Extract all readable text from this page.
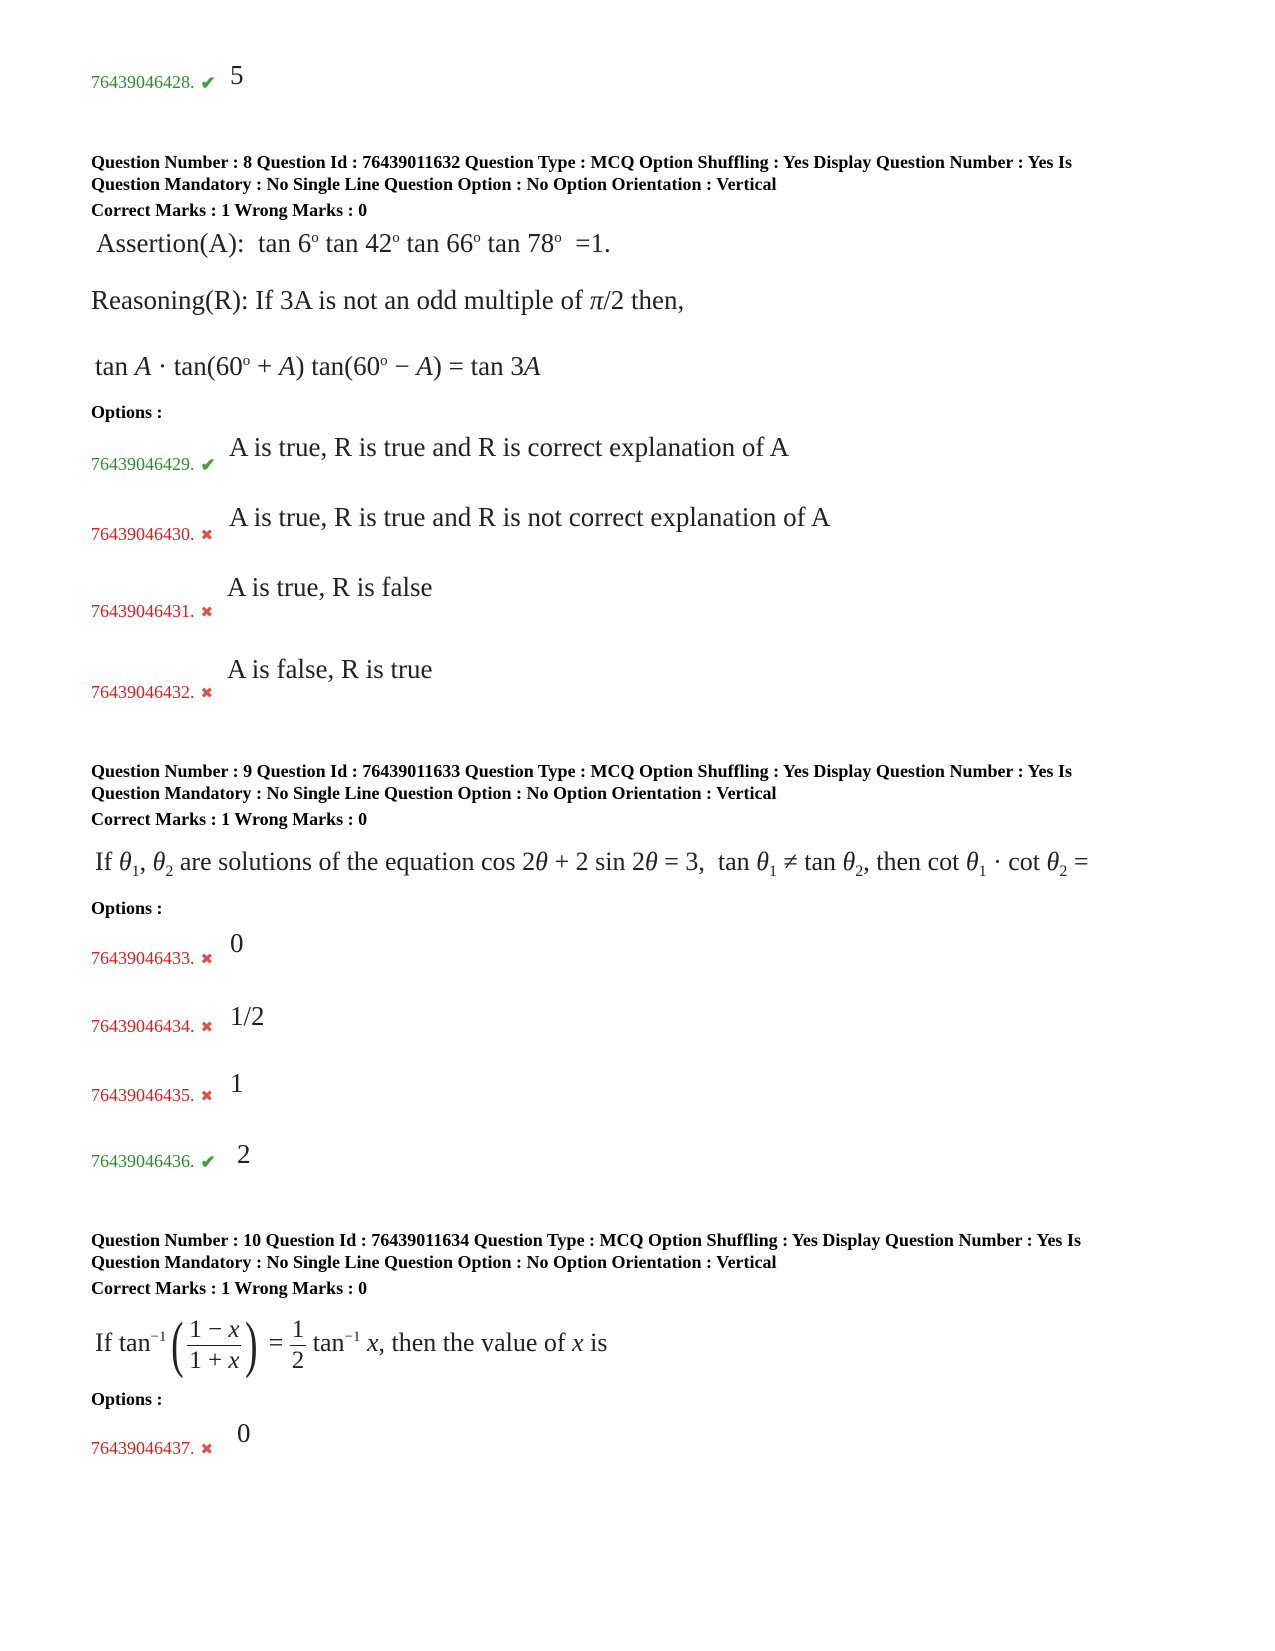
76439046428. ✔ 5
Question Number : 8 Question Id : 76439011632 Question Type : MCQ Option Shuffling : Yes Display Question Number : Yes Is
Question Mandatory : No Single Line Question Option : No Option Orientation : Vertical
Correct Marks : 1 Wrong Marks : 0
Assertion(A):  tan 6$^o$ tan 42$^o$ tan 66$^o$ tan 78$^o$  =1.
Reasoning(R): If 3A is not an odd multiple of π/2 then,
$\tan A \cdot \tan(60^o + A) \tan(60^o - A) = \tan 3A$
Options :
76439046429. ✔
A is true, R is true and R is correct explanation of A
76439046430. ✖
A is true, R is true and R is not correct explanation of A
76439046431. ✖
A is true, R is false
76439046432. ✖
A is false, R is true
Question Number : 9 Question Id : 76439011633 Question Type : MCQ Option Shuffling : Yes Display Question Number : Yes Is
Question Mandatory : No Single Line Question Option : No Option Orientation : Vertical
Correct Marks : 1 Wrong Marks : 0
If $\theta_1$, $\theta_2$ are solutions of the equation cos 2θ + 2 sin 2θ = 3,  $\tan \theta_1 \ne \tan \theta_2$, then $\cot \theta_1 \cdot \cot \theta_2$ =
Options :
76439046433. ✖
0
76439046434. ✖ 1/2
76439046435. ✖ 1
76439046436. ✔ 2
Question Number : 10 Question Id : 76439011634 Question Type : MCQ Option Shuffling : Yes Display Question Number : Yes Is
Question Mandatory : No Single Line Question Option : No Option Orientation : Vertical
Correct Marks : 1 Wrong Marks : 0
If $\tan^{-1}( \frac{1 - x}{1 + x}$ ) = $\frac{1}{2} \tan^{-1} x$, then the value of x is
Options :
76439046437. ✖
0
